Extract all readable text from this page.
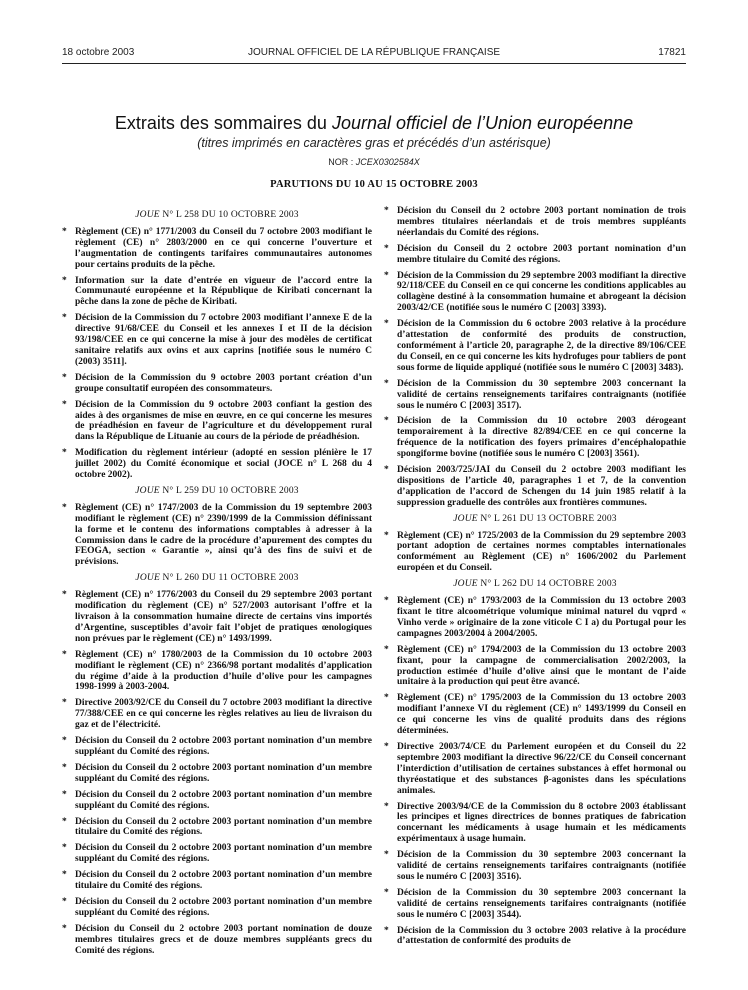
18 octobre 2003	JOURNAL OFFICIEL DE LA RÉPUBLIQUE FRANÇAISE	17821
Extraits des sommaires du Journal officiel de l’Union européenne
(titres imprimés en caractères gras et précédés d’un astérisque)
NOR : JCEX0302584X
PARUTIONS DU 10 AU 15 OCTOBRE 2003
JOUE N° L 258 DU 10 OCTOBRE 2003
* Règlement (CE) n° 1771/2003 du Conseil du 7 octobre 2003 modifiant le règlement (CE) n° 2803/2000 en ce qui concerne l’ouverture et l’augmentation de contingents tarifaires communautaires autonomes pour certains produits de la pêche.
* Information sur la date d’entrée en vigueur de l’accord entre la Communauté européenne et la République de Kiribati concernant la pêche dans la zone de pêche de Kiribati.
* Décision de la Commission du 7 octobre 2003 modifiant l’annexe E de la directive 91/68/CEE du Conseil et les annexes I et II de la décision 93/198/CEE en ce qui concerne la mise à jour des modèles de certificat sanitaire relatifs aux ovins et aux caprins [notifiée sous le numéro C (2003) 3511].
* Décision de la Commission du 9 octobre 2003 portant création d’un groupe consultatif européen des consommateurs.
* Décision de la Commission du 9 octobre 2003 confiant la gestion des aides à des organismes de mise en œuvre, en ce qui concerne les mesures de préadhésion en faveur de l’agriculture et du développement rural dans la République de Lituanie au cours de la période de préadhésion.
* Modification du règlement intérieur (adopté en session plénière le 17 juillet 2002) du Comité économique et social (JOCE n° L 268 du 4 octobre 2002).
JOUE N° L 259 DU 10 OCTOBRE 2003
* Règlement (CE) n° 1747/2003 de la Commission du 19 septembre 2003 modifiant le règlement (CE) n° 2390/1999 de la Commission définissant la forme et le contenu des informations comptables à adresser à la Commission dans le cadre de la procédure d’apurement des comptes du FEOGA, section « Garantie », ainsi qu’à des fins de suivi et de prévisions.
JOUE N° L 260 DU 11 OCTOBRE 2003
* Règlement (CE) n° 1776/2003 du Conseil du 29 septembre 2003 portant modification du règlement (CE) n° 527/2003 autorisant l’offre et la livraison à la consommation humaine directe de certains vins importés d’Argentine, susceptibles d’avoir fait l’objet de pratiques œnologiques non prévues par le règlement (CE) n° 1493/1999.
* Règlement (CE) n° 1780/2003 de la Commission du 10 octobre 2003 modifiant le règlement (CE) n° 2366/98 portant modalités d’application du régime d’aide à la production d’huile d’olive pour les campagnes 1998-1999 à 2003-2004.
* Directive 2003/92/CE du Conseil du 7 octobre 2003 modifiant la directive 77/388/CEE en ce qui concerne les règles relatives au lieu de livraison du gaz et de l’électricité.
* Décision du Conseil du 2 octobre 2003 portant nomination d’un membre suppléant du Comité des régions.
* Décision du Conseil du 2 octobre 2003 portant nomination d’un membre suppléant du Comité des régions.
* Décision du Conseil du 2 octobre 2003 portant nomination d’un membre suppléant du Comité des régions.
* Décision du Conseil du 2 octobre 2003 portant nomination d’un membre titulaire du Comité des régions.
* Décision du Conseil du 2 octobre 2003 portant nomination d’un membre suppléant du Comité des régions.
* Décision du Conseil du 2 octobre 2003 portant nomination d’un membre titulaire du Comité des régions.
* Décision du Conseil du 2 octobre 2003 portant nomination d’un membre suppléant du Comité des régions.
* Décision du Conseil du 2 octobre 2003 portant nomination de douze membres titulaires grecs et de douze membres suppléants grecs du Comité des régions.
* Décision du Conseil du 2 octobre 2003 portant nomination de trois membres titulaires néerlandais et de trois membres suppléants néerlandais du Comité des régions.
* Décision du Conseil du 2 octobre 2003 portant nomination d’un membre titulaire du Comité des régions.
* Décision de la Commission du 29 septembre 2003 modifiant la directive 92/118/CEE du Conseil en ce qui concerne les conditions applicables au collagène destiné à la consommation humaine et abrogeant la décision 2003/42/CE (notifiée sous le numéro C [2003] 3393).
* Décision de la Commission du 6 octobre 2003 relative à la procédure d’attestation de conformité des produits de construction, conformément à l’article 20, paragraphe 2, de la directive 89/106/CEE du Conseil, en ce qui concerne les kits hydrofuges pour tabliers de pont sous forme de liquide appliqué (notifiée sous le numéro C [2003] 3483).
* Décision de la Commission du 30 septembre 2003 concernant la validité de certains renseignements tarifaires contraignants (notifiée sous le numéro C [2003] 3517).
* Décision de la Commission du 10 octobre 2003 dérogeant temporairement à la directive 82/894/CEE en ce qui concerne la fréquence de la notification des foyers primaires d’encéphalopathie spongiforme bovine (notifiée sous le numéro C [2003] 3561).
* Décision 2003/725/JAI du Conseil du 2 octobre 2003 modifiant les dispositions de l’article 40, paragraphes 1 et 7, de la convention d’application de l’accord de Schengen du 14 juin 1985 relatif à la suppression graduelle des contrôles aux frontières communes.
JOUE N° L 261 DU 13 OCTOBRE 2003
* Règlement (CE) n° 1725/2003 de la Commission du 29 septembre 2003 portant adoption de certaines normes comptables internationales conformément au Règlement (CE) n° 1606/2002 du Parlement européen et du Conseil.
JOUE N° L 262 DU 14 OCTOBRE 2003
* Règlement (CE) n° 1793/2003 de la Commission du 13 octobre 2003 fixant le titre alcoométrique volumique minimal naturel du vqprd « Vinho verde » originaire de la zone viticole C I a) du Portugal pour les campagnes 2003/2004 à 2004/2005.
* Règlement (CE) n° 1794/2003 de la Commission du 13 octobre 2003 fixant, pour la campagne de commercialisation 2002/2003, la production estimée d’huile d’olive ainsi que le montant de l’aide unitaire à la production qui peut être avancé.
* Règlement (CE) n° 1795/2003 de la Commission du 13 octobre 2003 modifiant l’annexe VI du règlement (CE) n° 1493/1999 du Conseil en ce qui concerne les vins de qualité produits dans des régions déterminées.
* Directive 2003/74/CE du Parlement européen et du Conseil du 22 septembre 2003 modifiant la directive 96/22/CE du Conseil concernant l’interdiction d’utilisation de certaines substances à effet hormonal ou thyréostatique et des substances β-agonistes dans les spéculations animales.
* Directive 2003/94/CE de la Commission du 8 octobre 2003 établissant les principes et lignes directrices de bonnes pratiques de fabrication concernant les médicaments à usage humain et les médicaments expérimentaux à usage humain.
* Décision de la Commission du 30 septembre 2003 concernant la validité de certains renseignements tarifaires contraignants (notifiée sous le numéro C [2003] 3516).
* Décision de la Commission du 30 septembre 2003 concernant la validité de certains renseignements tarifaires contraignants (notifiée sous le numéro C [2003] 3544).
* Décision de la Commission du 3 octobre 2003 relative à la procédure d’attestation de conformité des produits de
